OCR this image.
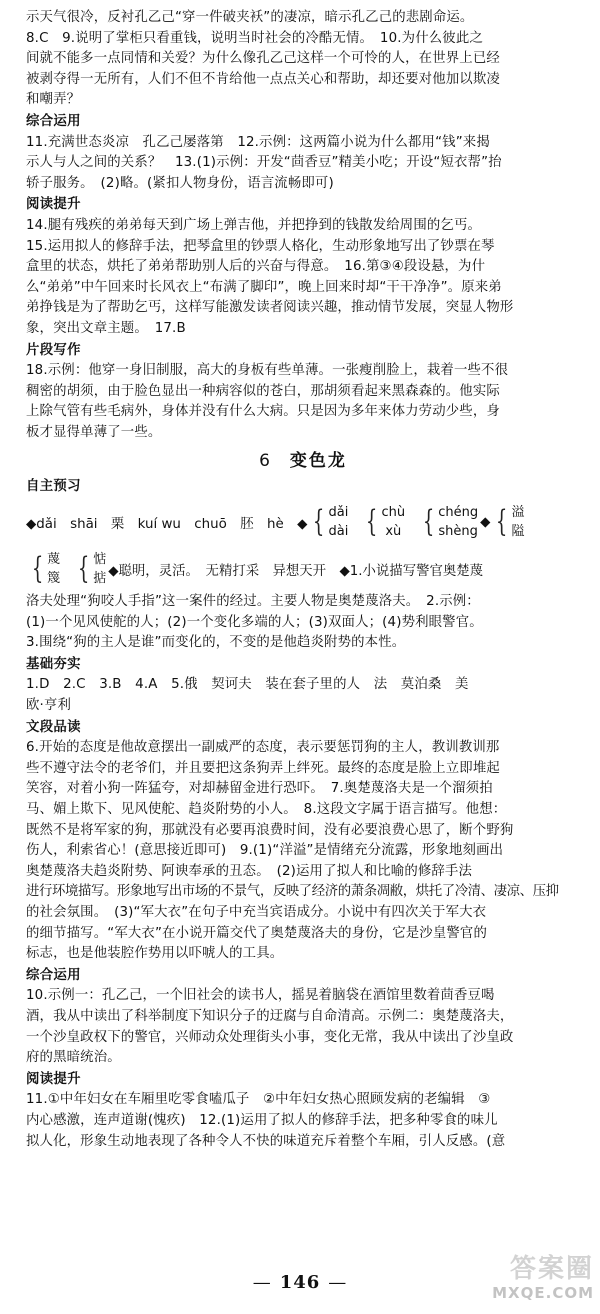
示天气很冷，反衬孔乙己“穿一件破夹袄”的凄凉，暗示孔乙己的悲剧命运。

8.C　9.说明了掌柜只看重钱，说明当时社会的冷酷无情。　10.为什么彼此之

间就不能多一点同情和关爱？为什么像孔乙己这样一个可怜的人，在世界上已经

被剥夺得一无所有，人们不但不肯给他一点点关心和帮助，却还要对他加以欺凌

和嘲弄？

综合运用

11.充满世态炎凉　孔乙己屡落第　12.示例：这两篇小说为什么都用“钱”来揭

示人与人之间的关系？　13.(1)示例：开发“茴香豆”精美小吃；开设“短衣帮”抬

轿子服务。　(2)略。(紧扣人物身份，语言流畅即可)

阅读提升

14.腿有残疾的弟弟每天到广场上弹吉他，并把挣到的钱散发给周围的乞丐。

15.运用拟人的修辞手法，把琴盒里的钞票人格化，生动形象地写出了钞票在琴

盒里的状态，烘托了弟弟帮助别人后的兴奋与得意。　16.第③④段设悬，为什

么“弟弟”中午回来时长风衣上“布满了脚印”，晚上回来时却“干干净净”。原来弟

弟挣钱是为了帮助乞丐，这样写能激发读者阅读兴趣，推动情节发展，突显人物形

象，突出文章主题。　17.B

片段写作

18.示例：他穿一身旧制服，高大的身板有些单薄。一张瘦削脸上，栽着一些不很

稠密的胡须，由于脸色显出一种病容似的苍白，那胡须看起来黑森森的。他实际

上除气管有些毛病外，身体并没有什么大病。只是因为多年来体力劳动少些，身

板才显得单薄了一些。

6 变色龙
自主预习
◆dǎi　shāi　栗　kuí wu　chuō　胚　hè　◆ { dǎi
dài { chù
xù { chéng
shèng
◆ { 溢
隘
{ 蔑
篾 { 惦
掂 ◆聪明，灵活。　无精打采　异想天开　◆1.小说描写警官奥楚蔑

洛夫处理“狗咬人手指”这一案件的经过。主要人物是奥楚蔑洛夫。　2.示例：

(1)一个见风使舵的人；(2)一个变化多端的人；(3)双面人；(4)势利眼警官。

3.围绕“狗的主人是谁”而变化的，不变的是他趋炎附势的本性。

基础夯实

1.D　2.C　3.B　4.A　5.俄　契诃夫　装在套子里的人　法　莫泊桑　美

欧·亨利

文段品读

6.开始的态度是他故意摆出一副威严的态度，表示要惩罚狗的主人，教训教训那

些不遵守法令的老爷们，并且要把这条狗弄上绊死。最终的态度是脸上立即堆起

笑容，对着小狗一阵猛夸，对却赫留金进行恐吓。　7.奥楚蔑洛夫是一个溜须拍

马、媚上欺下、见风使舵、趋炎附势的小人。　8.这段文字属于语言描写。他想：

既然不是将军家的狗，那就没有必要再浪费时间，没有必要浪费心思了，断个野狗

伤人，利索省心！(意思接近即可)　9.(1)“洋溢”是情绪充分流露，形象地刻画出

奥楚蔑洛夫趋炎附势、阿谀奉承的丑态。　(2)运用了拟人和比喻的修辞手法

进行环境描写。形象地写出市场的不景气，反映了经济的萧条凋敝，烘托了冷清、凄凉、压抑

的社会氛围。　(3)“军大衣”在句子中充当宾语成分。小说中有四次关于军大衣

的细节描写。“军大衣”在小说开篇交代了奥楚蔑洛夫的身份，它是沙皇警官的

标志，也是他装腔作势用以吓唬人的工具。

综合运用

10.示例一：孔乙己，一个旧社会的读书人，摇晃着脑袋在酒馆里数着茴香豆喝

酒，我从中读出了科举制度下知识分子的迂腐与自命清高。示例二：奥楚蔑洛夫，

一个沙皇政权下的警官，兴师动众处理街头小事，变化无常，我从中读出了沙皇政

府的黑暗统治。

阅读提升

11.①中年妇女在车厢里吃零食嗑瓜子　②中年妇女热心照顾发病的老编辑　③

内心感激，连声道谢(愧疚)　12.(1)运用了拟人的修辞手法，把多种零食的味儿

拟人化，形象生动地表现了各种令人不快的味道充斥着整个车厢，引人反感。(意

— 146 —	答案圈
MXQE.COM
